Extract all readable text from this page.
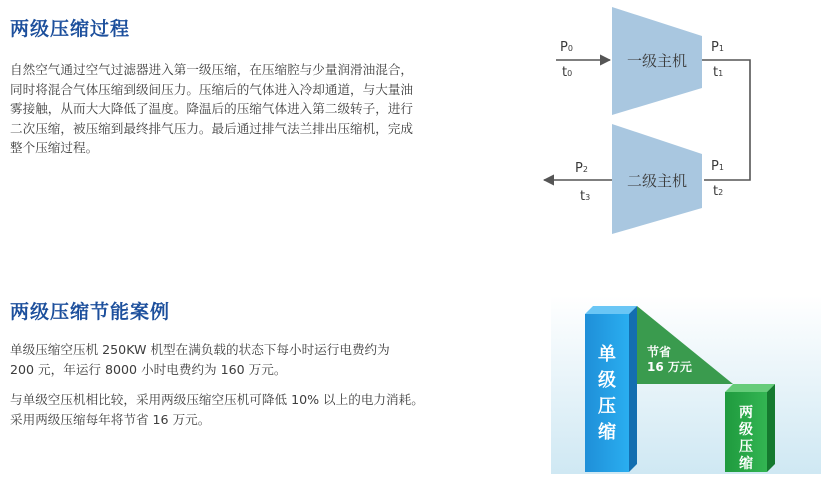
两级压缩过程

自然空气通过空气过滤器进入第一级压缩，在压缩腔与少量润滑油混合，
同时将混合气体压缩到级间压力。压缩后的气体进入冷却通道，与大量油
雾接触，从而大大降低了温度。降温后的压缩气体进入第二级转子，进行
二次压缩，被压缩到最终排气压力。最后通过排气法兰排出压缩机，完成
整个压缩过程。

一级主机
二级主机
P0
t0
P1
t1
P1
t2
P2
t3
两级压缩节能案例

单级压缩空压机 250KW 机型在满负载的状态下每小时运行电费约为
200 元，年运行 8000 小时电费约为 160 万元。

与单级空压机相比较，采用两级压缩空压机可降低 10% 以上的电力消耗。
采用两级压缩每年将节省 16 万元。

单
级
压
缩
节省
16 万元
两
级
压
缩
